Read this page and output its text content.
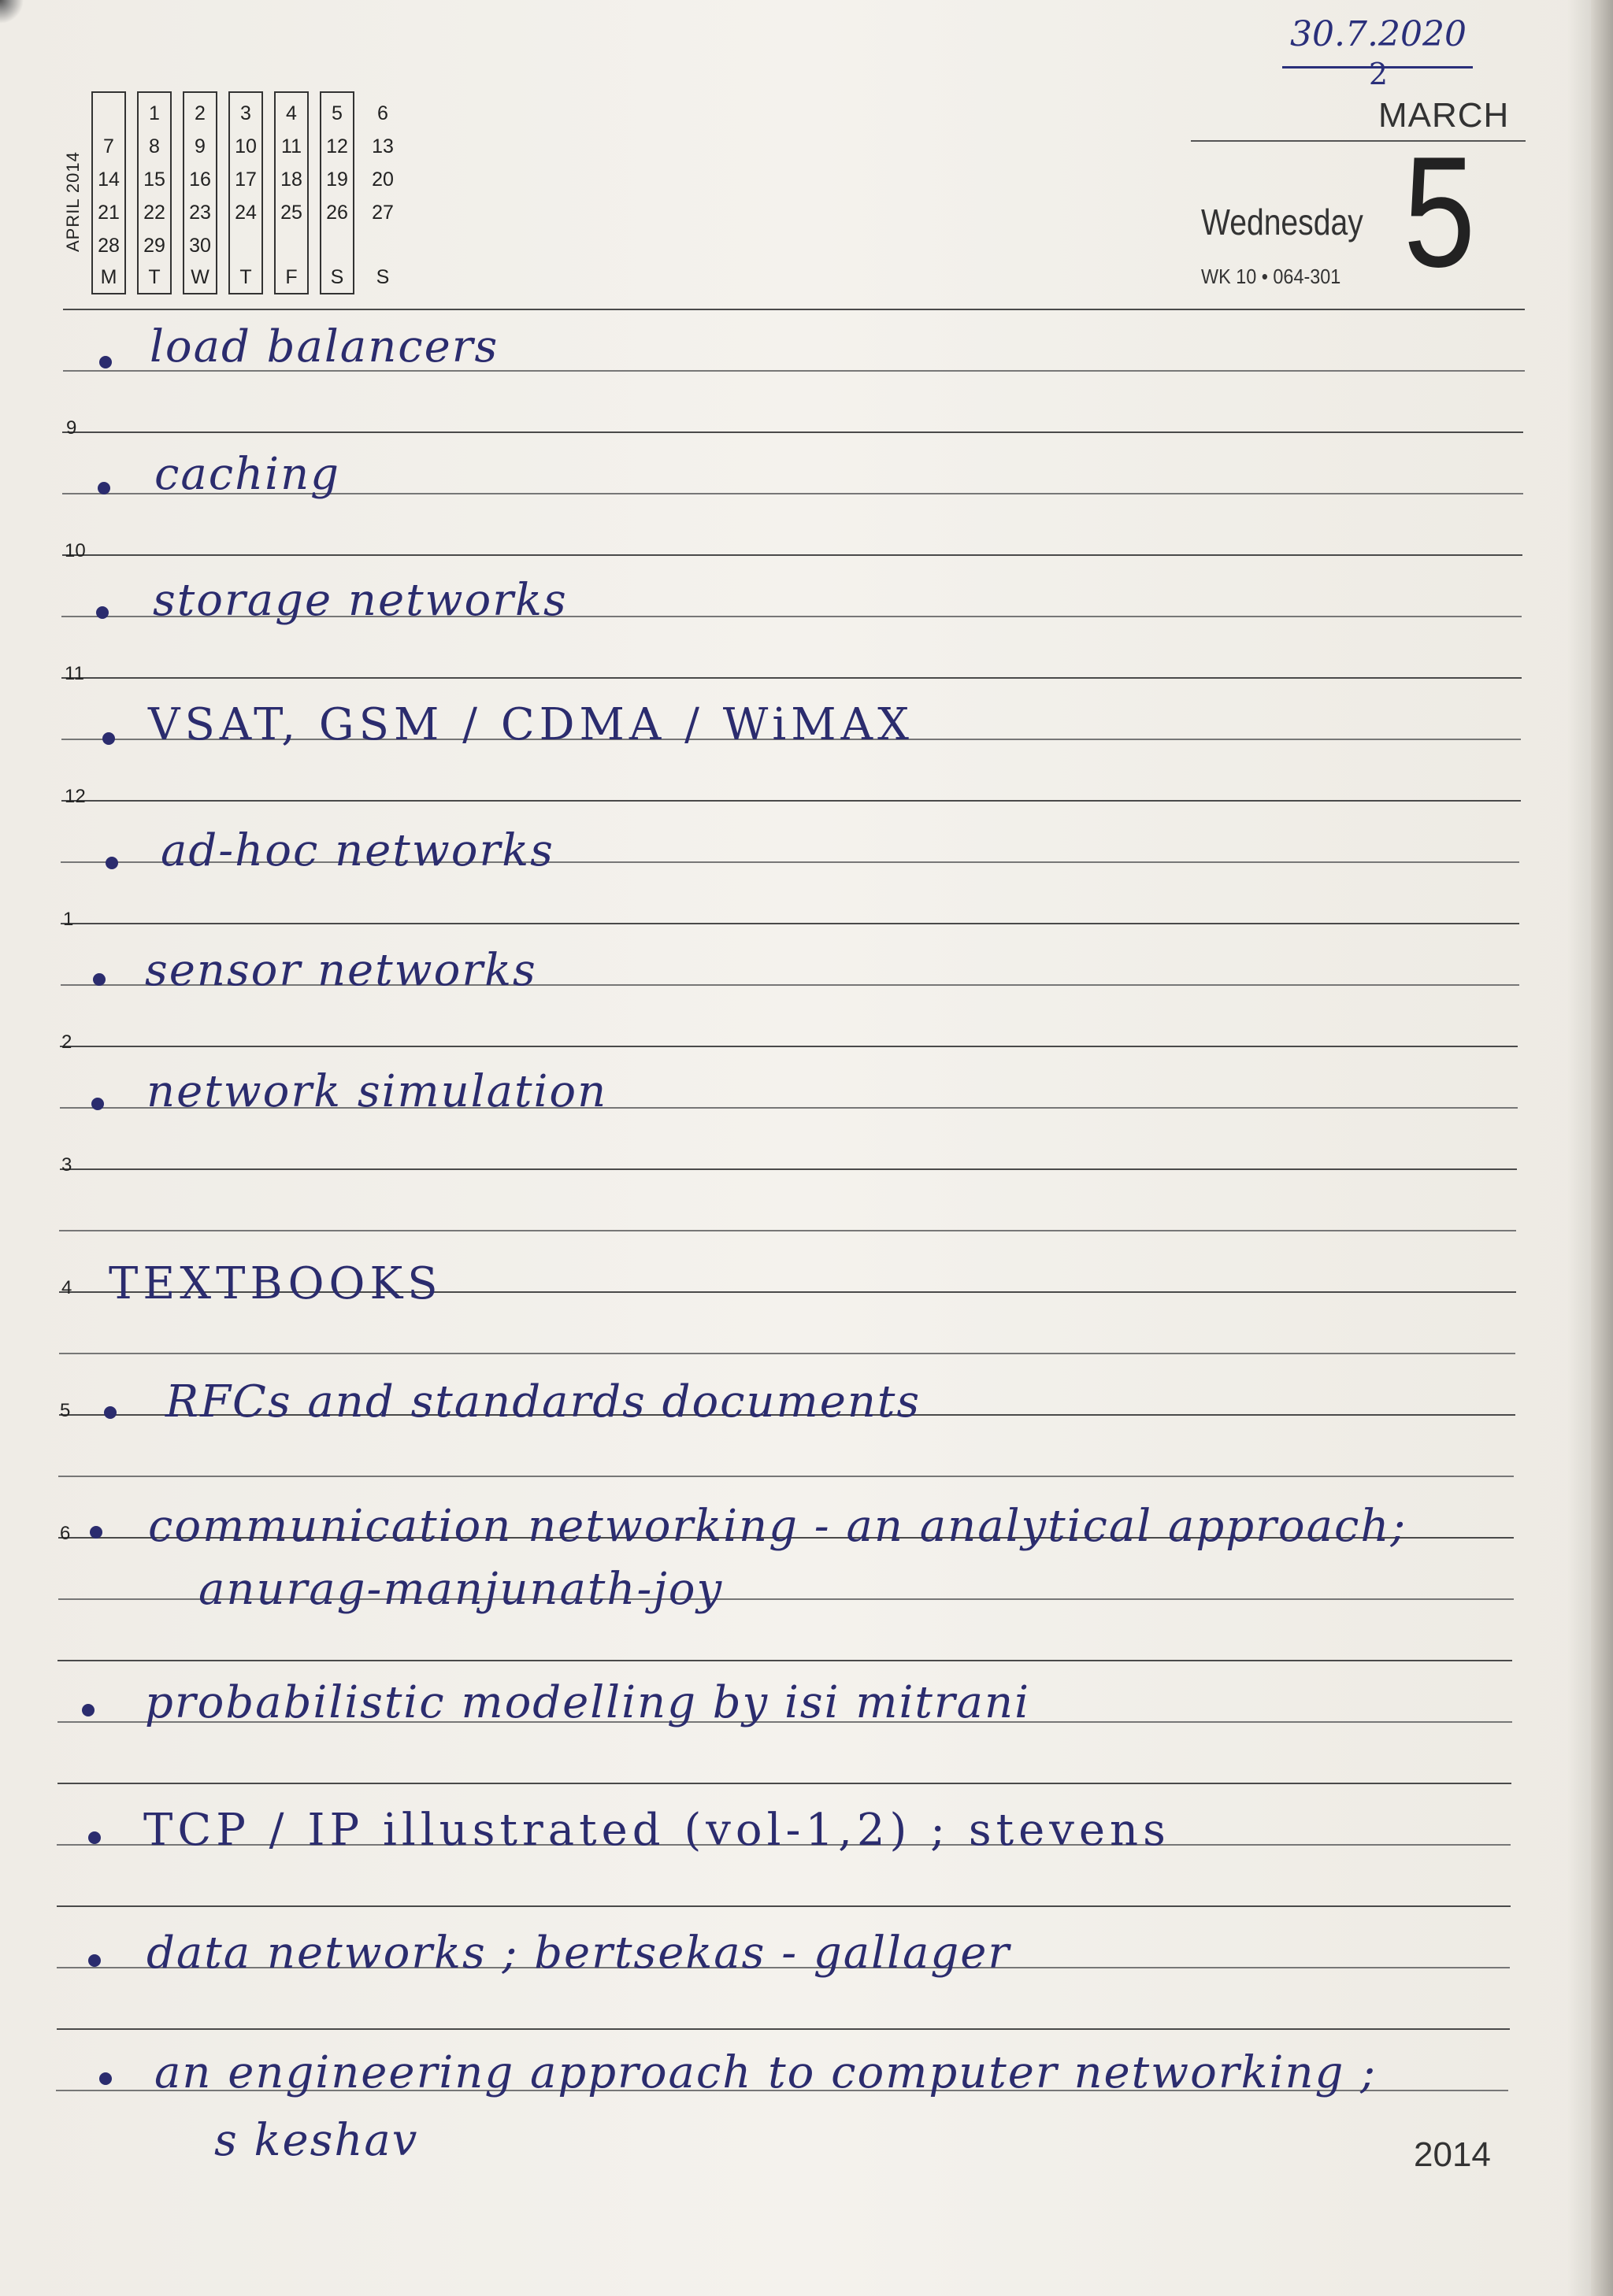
APRIL 2014
7
14
21
28
M
1
8
15
22
29
T
2
9
16
23
30
W
3
10
17
24
T
4
11
18
25
F
5
12
19
26
S
6
13
20
27
S
30.7.2020
2
MARCH
Wednesday
WK 10 • 064-301 5
9
10
11
12
1
2
3
4
5
6
load balancers
caching
storage networks
VSAT, GSM / CDMA / WiMAX
ad-hoc networks
sensor networks
network simulation
TEXTBOOKS
RFCs and standards documents
communication networking - an analytical approach;
anurag-manjunath-joy
probabilistic modelling by isi mitrani
TCP / IP illustrated (vol-1,2) ; stevens
data networks ; bertsekas - gallager
an engineering approach to computer networking ;
s keshav	2014
